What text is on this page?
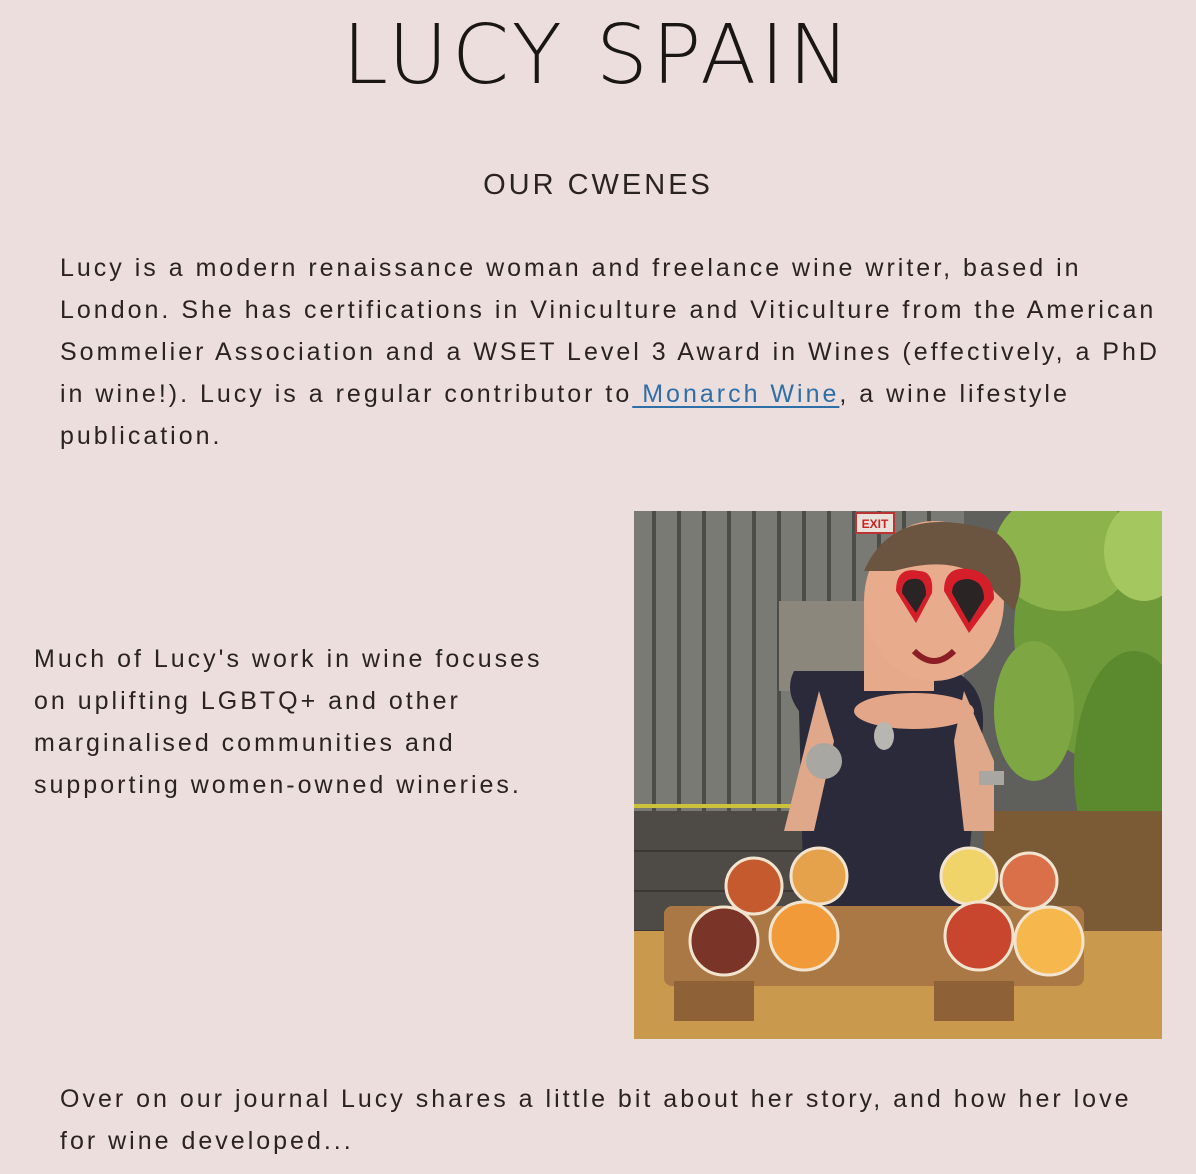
LUCY SPAIN
OUR CWENES

Lucy is a modern renaissance woman and freelance wine writer, based in London. She has certifications in Viniculture and Viticulture from the American Sommelier Association and a WSET Level 3 Award in Wines (effectively, a PhD in wine!). Lucy is a regular contributor to Monarch Wine, a wine lifestyle publication.

Much of Lucy's work in wine focuses on uplifting LGBTQ+ and other marginalised communities and supporting women-owned wineries.

EXIT

Over on our journal Lucy shares a little bit about her story, and how her love for wine developed...
